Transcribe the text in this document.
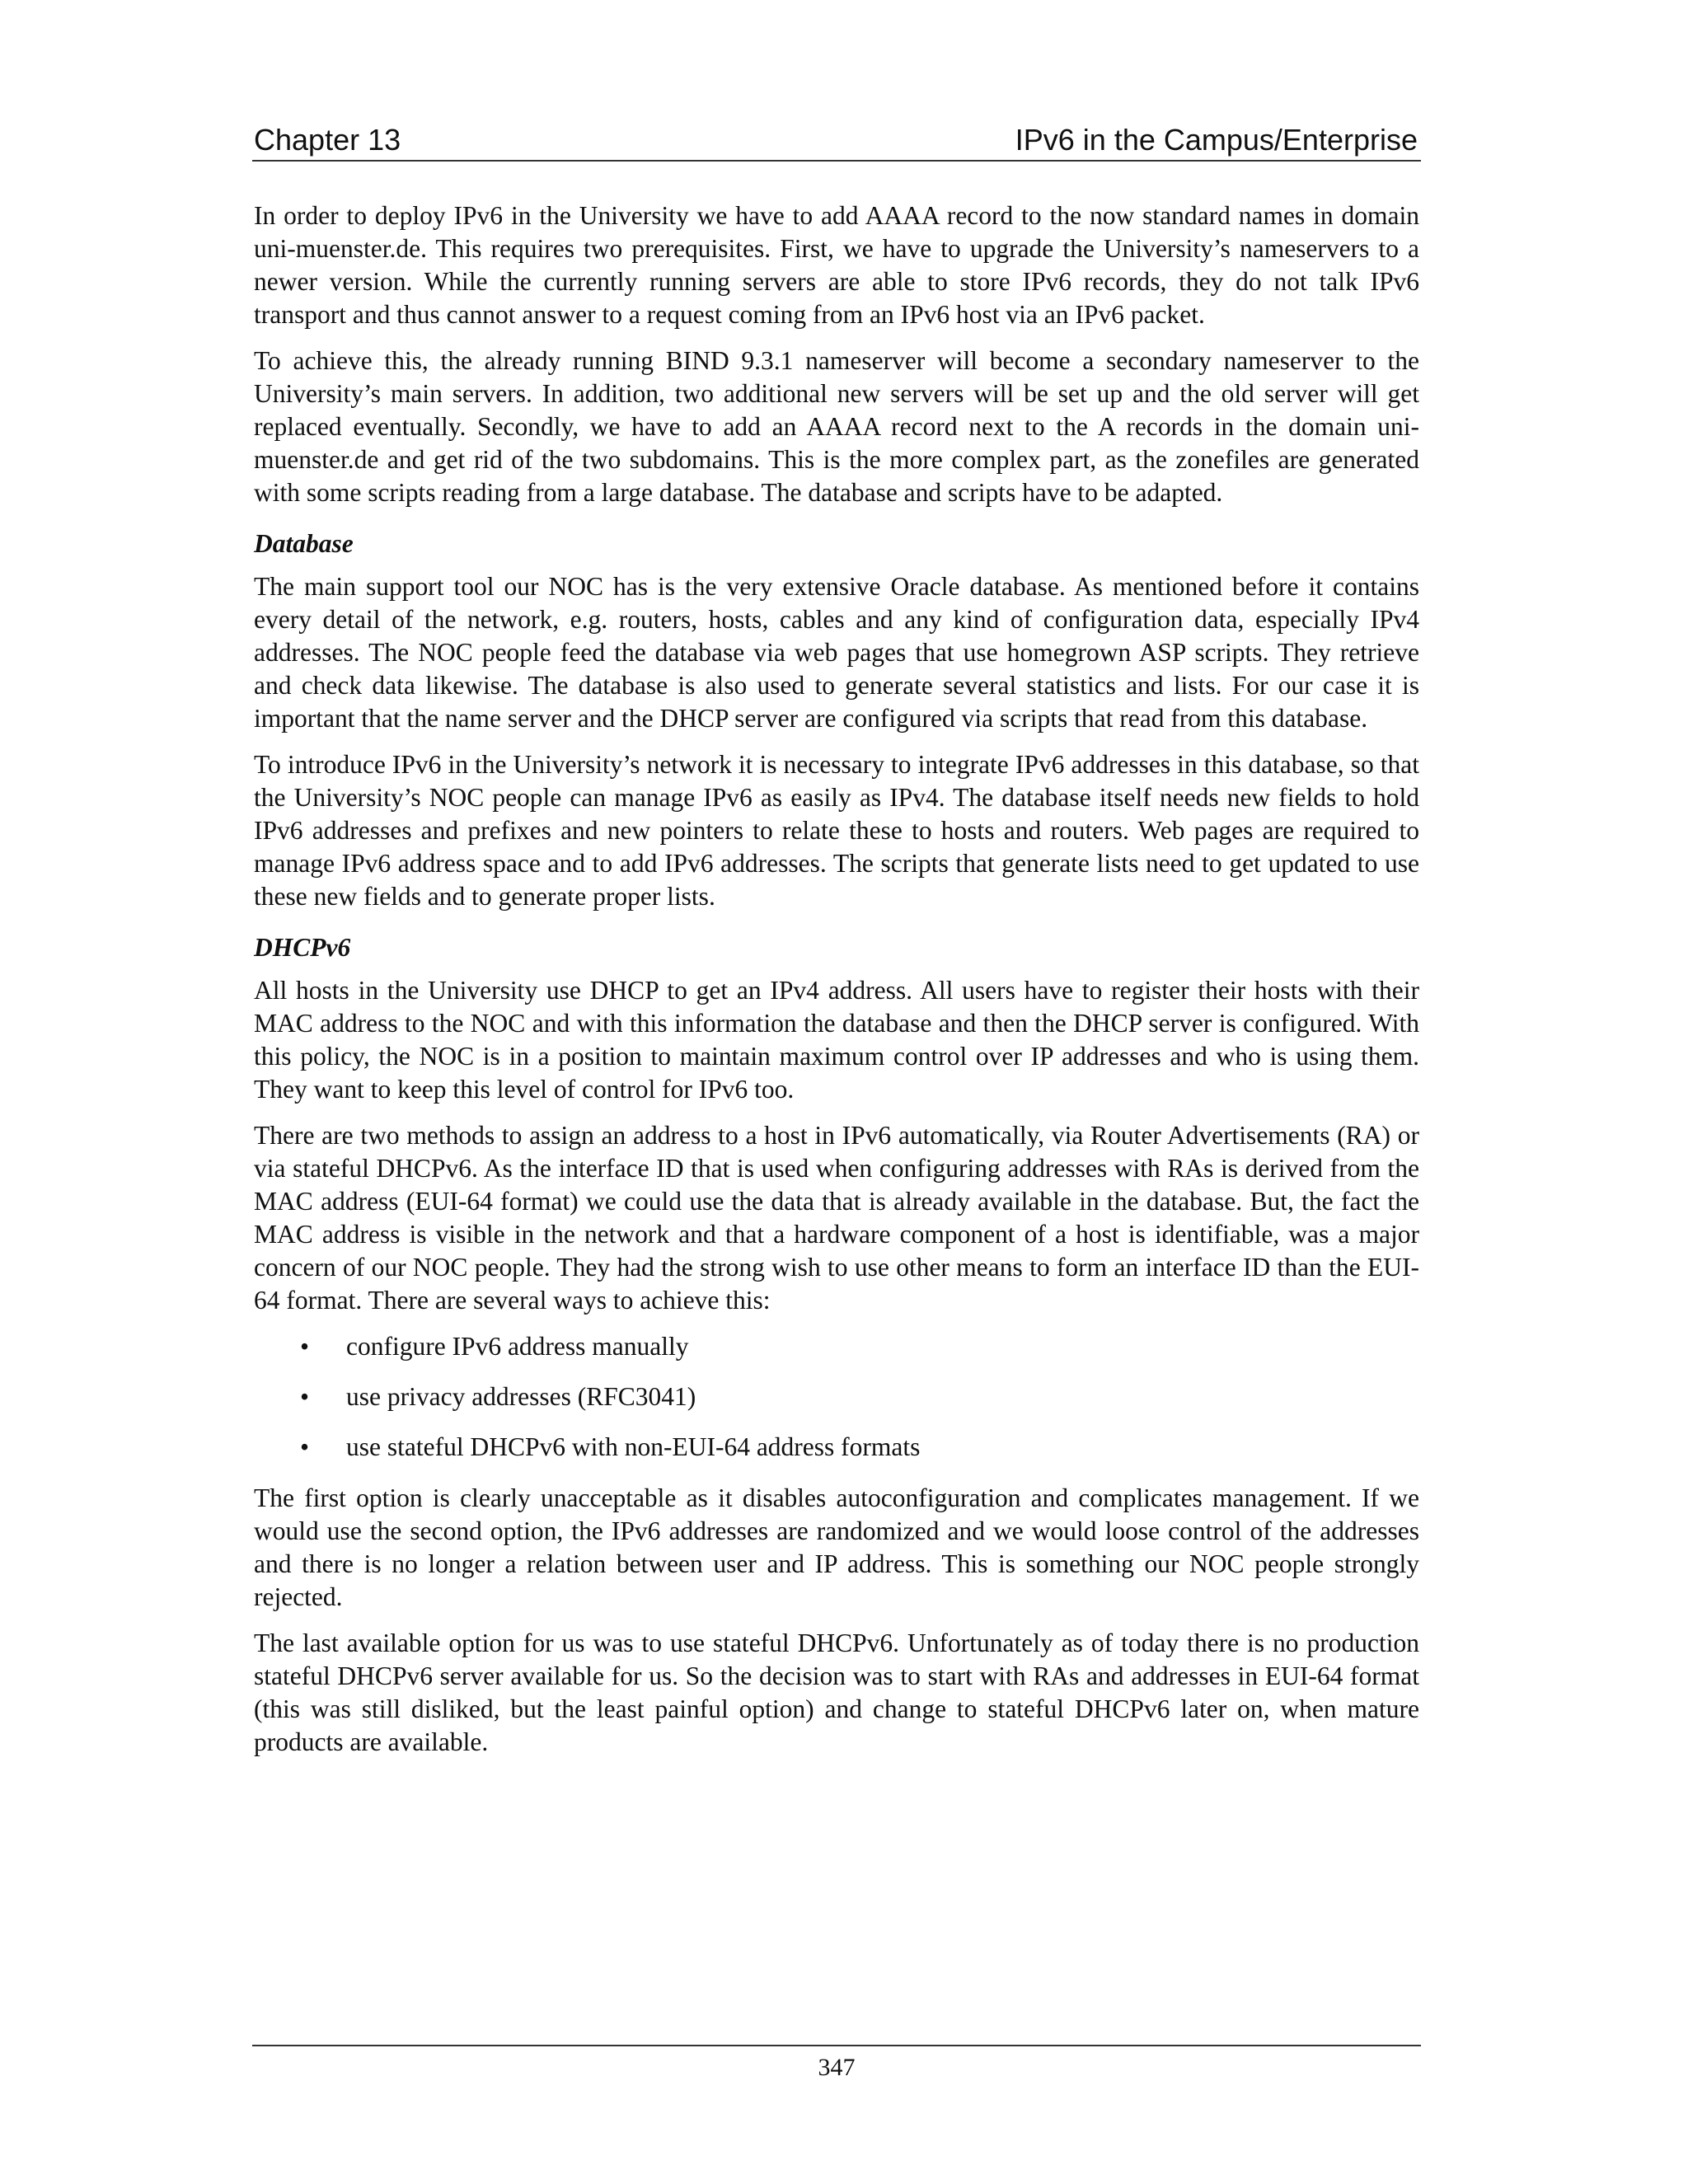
Chapter 13	IPv6 in the Campus/Enterprise

In order to deploy IPv6 in the University we have to add AAAA record to the now standard names in domain uni-muenster.de. This requires two prerequisites. First, we have to upgrade the University’s nameservers to a newer version. While the currently running servers are able to store IPv6 records, they do not talk IPv6 transport and thus cannot answer to a request coming from an IPv6 host via an IPv6 packet.

To achieve this, the already running BIND 9.3.1 nameserver will become a secondary nameserver to the University’s main servers. In addition, two additional new servers will be set up and the old server will get replaced eventually. Secondly, we have to add an AAAA record next to the A records in the domain uni-muenster.de and get rid of the two subdomains. This is the more complex part, as the zonefiles are generated with some scripts reading from a large database. The database and scripts have to be adapted.

Database

The main support tool our NOC has is the very extensive Oracle database. As mentioned before it contains every detail of the network, e.g. routers, hosts, cables and any kind of configuration data, especially IPv4 addresses. The NOC people feed the database via web pages that use homegrown ASP scripts. They retrieve and check data likewise. The database is also used to generate several statistics and lists. For our case it is important that the name server and the DHCP server are configured via scripts that read from this database.

To introduce IPv6 in the University’s network it is necessary to integrate IPv6 addresses in this database, so that the University’s NOC people can manage IPv6 as easily as IPv4. The database itself needs new fields to hold IPv6 addresses and prefixes and new pointers to relate these to hosts and routers. Web pages are required to manage IPv6 address space and to add IPv6 addresses. The scripts that generate lists need to get updated to use these new fields and to generate proper lists.

DHCPv6

All hosts in the University use DHCP to get an IPv4 address. All users have to register their hosts with their MAC address to the NOC and with this information the database and then the DHCP server is configured. With this policy, the NOC is in a position to maintain maximum control over IP addresses and who is using them. They want to keep this level of control for IPv6 too.

There are two methods to assign an address to a host in IPv6 automatically, via Router Advertisements (RA) or via stateful DHCPv6. As the interface ID that is used when configuring addresses with RAs is derived from the MAC address (EUI-64 format) we could use the data that is already available in the database. But, the fact the MAC address is visible in the network and that a hardware component of a host is identifiable, was a major concern of our NOC people. They had the strong wish to use other means to form an interface ID than the EUI-64 format. There are several ways to achieve this:

• configure IPv6 address manually
• use privacy addresses (RFC3041)
• use stateful DHCPv6 with non-EUI-64 address formats

The first option is clearly unacceptable as it disables autoconfiguration and complicates management. If we would use the second option, the IPv6 addresses are randomized and we would loose control of the addresses and there is no longer a relation between user and IP address. This is something our NOC people strongly rejected.

The last available option for us was to use stateful DHCPv6. Unfortunately as of today there is no production stateful DHCPv6 server available for us. So the decision was to start with RAs and addresses in EUI-64 format (this was still disliked, but the least painful option) and change to stateful DHCPv6 later on, when mature products are available.

347
